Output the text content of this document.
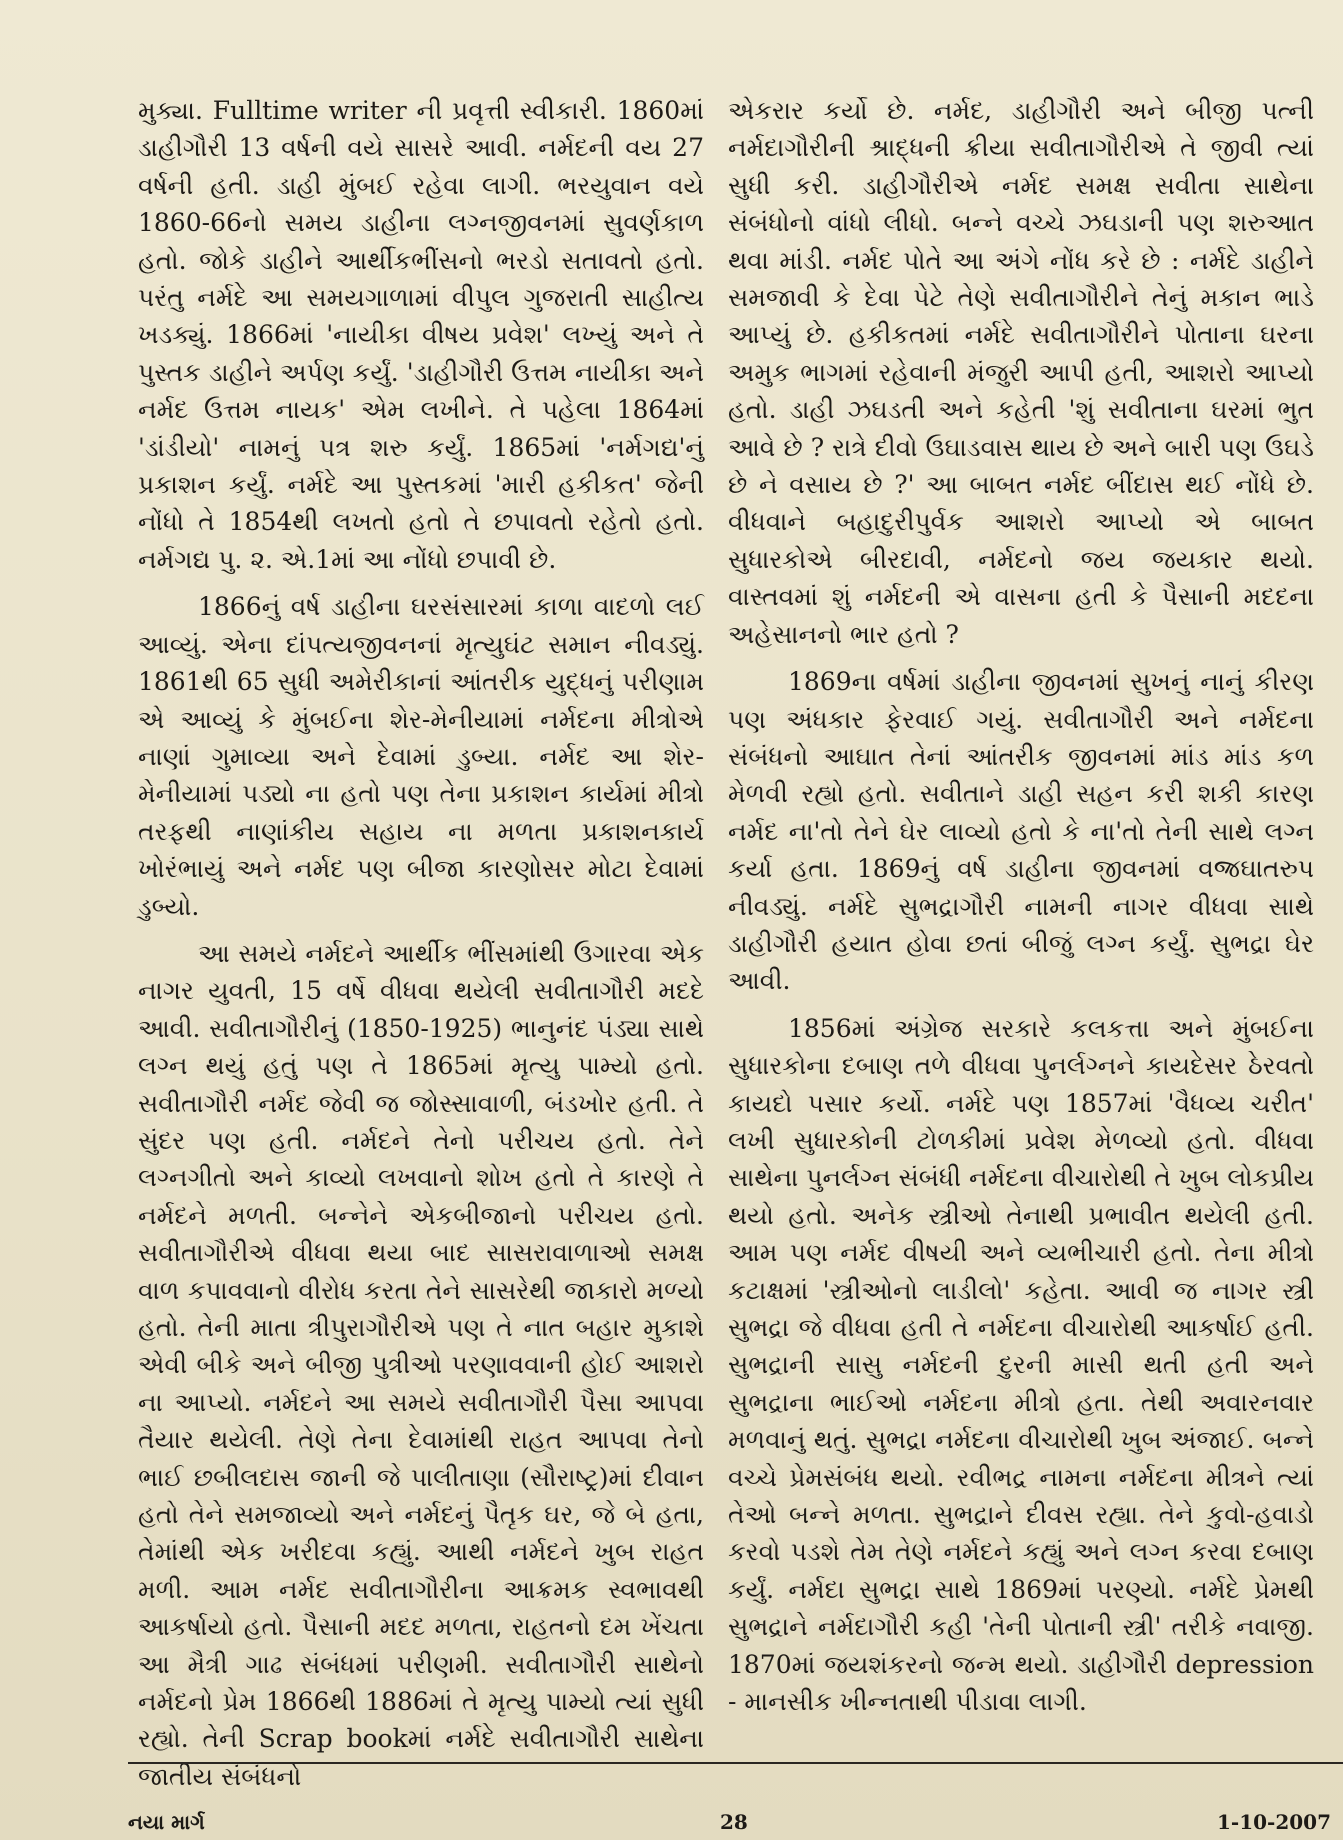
મુક્યા. Fulltime writer ની પ્રવૃત્તી સ્વીકારી. 1860માં ડાહીગૌરી 13 વર્ષની વયે સાસરે આવી. નર્મદની વય 27 વર્ષની હતી. ડાહી મુંબઈ રહેવા લાગી. ભરયુવાન વયે 1860-66નો સમય ડાહીના લગ્નજીવનમાં સુવર્ણકાળ હતો. જોકે ડાહીને આર્થીકભીંસનો ભરડો સતાવતો હતો. પરંતુ નર્મદે આ સમયગાળામાં વીપુલ ગુજરાતી સાહીત્ય ખડક્યું. 1866માં 'નાયીકા વીષય પ્રવેશ' લખ્યું અને તે પુસ્તક ડાહીને અર્પણ કર્યું. 'ડાહીગૌરી ઉત્તમ નાયીકા અને નર્મદ ઉત્તમ નાયક' એમ લખીને. તે પહેલા 1864માં 'ડાંડીયો' નામનું પત્ર શરુ કર્યું. 1865માં 'નર્મગદ્ય'નું પ્રકાશન કર્યું. નર્મદે આ પુસ્તકમાં 'મારી હકીકત' જેની નોંધો તે 1854થી લખતો હતો તે છપાવતો રહેતો હતો. નર્મગદ્ય પુ. ૨. એ.1માં આ નોંધો છપાવી છે.

1866નું વર્ષ ડાહીના ઘરસંસારમાં કાળા વાદળો લઈ આવ્યું. એના દાંપત્યજીવનનાં મૃત્યુઘંટ સમાન નીવડ્યું. 1861થી 65 સુધી અમેરીકાનાં આંતરીક યુદ્ધનું પરીણામ એ આવ્યું કે મુંબઈના શેર-મેનીયામાં નર્મદના મીત્રોએ નાણાં ગુમાવ્યા અને દેવામાં ડુબ્યા. નર્મદ આ શેર-મેનીયામાં પડ્યો ના હતો પણ તેના પ્રકાશન કાર્યમાં મીત્રો તરફથી નાણાંકીય સહાય ના મળતા પ્રકાશનકાર્ય ખોરંભાયું અને નર્મદ પણ બીજા કારણોસર મોટા દેવામાં ડુબ્યો.

આ સમયે નર્મદને આર્થીક ભીંસમાંથી ઉગારવા એક નાગર યુવતી, 15 વર્ષે વીધવા થયેલી સવીતાગૌરી મદદે આવી. સવીતાગૌરીનું (1850-1925) ભાનુનંદ પંડ્યા સાથે લગ્ન થયું હતું પણ તે 1865માં મૃત્યુ પામ્યો હતો. સવીતાગૌરી નર્મદ જેવી જ જોસ્સાવાળી, બંડખોર હતી. તે સુંદર પણ હતી. નર્મદને તેનો પરીચય હતો. તેને લગ્નગીતો અને કાવ્યો લખવાનો શોખ હતો તે કારણે તે નર્મદને મળતી. બન્નેને એકબીજાનો પરીચય હતો. સવીતાગૌરીએ વીધવા થયા બાદ સાસરાવાળાઓ સમક્ષ વાળ કપાવવાનો વીરોધ કરતા તેને સાસરેથી જાકારો મળ્યો હતો. તેની માતા ત્રીપુરાગૌરીએ પણ તે નાત બહાર મુકાશે એવી બીકે અને બીજી પુત્રીઓ પરણાવવાની હોઈ આશરો ના આપ્યો. નર્મદને આ સમયે સવીતાગૌરી પૈસા આપવા તૈયાર થયેલી. તેણે તેના દેવામાંથી રાહત આપવા તેનો ભાઈ છબીલદાસ જાની જે પાલીતાણા (સૌરાષ્ટ્ર)માં દીવાન હતો તેને સમજાવ્યો અને નર્મદનું પૈતૃક ઘર, જે બે હતા, તેમાંથી એક ખરીદવા કહ્યું. આથી નર્મદને ખુબ રાહત મળી. આમ નર્મદ સવીતાગૌરીના આક્રમક સ્વભાવથી આકર્ષાયો હતો. પૈસાની મદદ મળતા, રાહતનો દમ ખેંચતા આ મૈત્રી ગાઢ સંબંધમાં પરીણમી. સવીતાગૌરી સાથેનો નર્મદનો પ્રેમ 1866થી 1886માં તે મૃત્યુ પામ્યો ત્યાં સુધી રહ્યો. તેની Scrap bookમાં નર્મદે સવીતાગૌરી સાથેના જાતીય સંબંધનો

એકરાર કર્યો છે. નર્મદ, ડાહીગૌરી અને બીજી પત્ની નર્મદાગૌરીની શ્રાદ્ધની ક્રીયા સવીતાગૌરીએ તે જીવી ત્યાં સુધી કરી. ડાહીગૌરીએ નર્મદ સમક્ષ સવીતા સાથેના સંબંધોનો વાંધો લીધો. બન્ને વચ્ચે ઝઘડાની પણ શરુઆત થવા માંડી. નર્મદ પોતે આ અંગે નોંધ કરે છે : નર્મદે ડાહીને સમજાવી કે દેવા પેટે તેણે સવીતાગૌરીને તેનું મકાન ભાડે આપ્યું છે. હકીકતમાં નર્મદે સવીતાગૌરીને પોતાના ઘરના અમુક ભાગમાં રહેવાની મંજુરી આપી હતી, આશરો આપ્યો હતો. ડાહી ઝઘડતી અને કહેતી 'શું સવીતાના ઘરમાં ભુત આવે છે ? રાત્રે દીવો ઉઘાડવાસ થાય છે અને બારી પણ ઉઘડે છે ને વસાય છે ?' આ બાબત નર્મદ બીંદાસ થઈ નોંધે છે. વીધવાને બહાદુરીપુર્વક આશરો આપ્યો એ બાબત સુધારકોએ બીરદાવી, નર્મદનો જય જયકાર થયો. વાસ્તવમાં શું નર્મદની એ વાસના હતી કે પૈસાની મદદના અહેસાનનો ભાર હતો ?

1869ના વર્ષમાં ડાહીના જીવનમાં સુખનું નાનું કીરણ પણ અંધકાર ફેરવાઈ ગયું. સવીતાગૌરી અને નર્મદના સંબંધનો આઘાત તેનાં આંતરીક જીવનમાં માંડ માંડ કળ મેળવી રહ્યો હતો. સવીતાને ડાહી સહન કરી શકી કારણ નર્મદ ના'તો તેને ઘેર લાવ્યો હતો કે ના'તો તેની સાથે લગ્ન કર્યા હતા. 1869નું વર્ષ ડાહીના જીવનમાં વજ્રઘાતરુપ નીવડ્યું. નર્મદે સુભદ્રાગૌરી નામની નાગર વીધવા સાથે ડાહીગૌરી હયાત હોવા છતાં બીજું લગ્ન કર્યું. સુભદ્રા ઘેર આવી.

1856માં અંગ્રેજ સરકારે કલકત્તા અને મુંબઈના સુધારકોના દબાણ તળે વીધવા પુનર્લગ્નને કાયદેસર ઠેરવતો કાયદો પસાર કર્યો. નર્મદે પણ 1857માં 'વૈધવ્ય ચરીત' લખી સુધારકોની ટોળકીમાં પ્રવેશ મેળવ્યો હતો. વીધવા સાથેના પુનર્લગ્ન સંબંધી નર્મદના વીચારોથી તે ખુબ લોકપ્રીય થયો હતો. અનેક સ્ત્રીઓ તેનાથી પ્રભાવીત થયેલી હતી. આમ પણ નર્મદ વીષયી અને વ્યભીચારી હતો. તેના મીત્રો કટાક્ષમાં 'સ્ત્રીઓનો લાડીલો' કહેતા. આવી જ નાગર સ્ત્રી સુભદ્રા જે વીધવા હતી તે નર્મદના વીચારોથી આકર્ષાઈ હતી. સુભદ્રાની સાસુ નર્મદની દુરની માસી થતી હતી અને સુભદ્રાના ભાઈઓ નર્મદના મીત્રો હતા. તેથી અવારનવાર મળવાનું થતું. સુભદ્રા નર્મદના વીચારોથી ખુબ અંજાઈ. બન્ને વચ્ચે પ્રેમસંબંધ થયો. રવીભદ્ર નામના નર્મદના મીત્રને ત્યાં તેઓ બન્ને મળતા. સુભદ્રાને દીવસ રહ્યા. તેને કુવો-હવાડો કરવો પડશે તેમ તેણે નર્મદને કહ્યું અને લગ્ન કરવા દબાણ કર્યું. નર્મદા સુભદ્રા સાથે 1869માં પરણ્યો. નર્મદે પ્રેમથી સુભદ્રાને નર્મદાગૌરી કહી 'તેની પોતાની સ્ત્રી' તરીકે નવાજી. 1870માં જયશંકરનો જન્મ થયો. ડાહીગૌરી depression - માનસીક ખીન્નતાથી પીડાવા લાગી.

નયા માર્ગ	28	1-10-2007
